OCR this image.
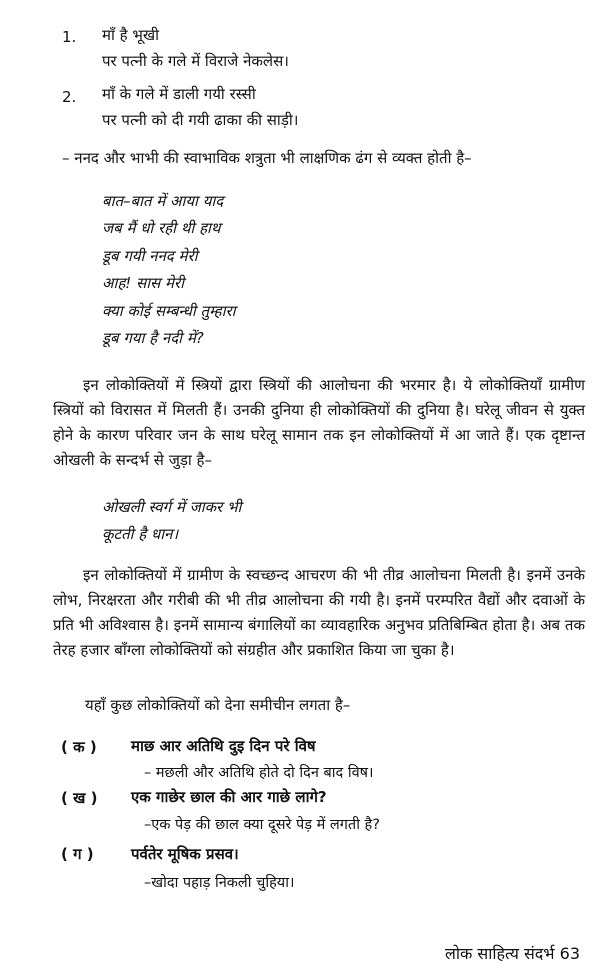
1. माँ है भूखी
पर पत्नी के गले में विराजे नेकलेस।
2. माँ के गले में डाली गयी रस्सी
पर पत्नी को दी गयी ढाका की साड़ी।
– ननद और भाभी की स्वाभाविक शत्रुता भी लाक्षणिक ढंग से व्यक्त होती है–
बात–बात में आया याद
जब मैं धो रही थी हाथ
डूब गयी ननद मेरी
आह! सास मेरी
क्या कोई सम्बन्धी तुम्हारा
डूब गया है नदी में?

इन लोकोक्तियों में स्त्रियों द्वारा स्त्रियों की आलोचना की भरमार है। ये लोकोक्तियाँ ग्रामीण स्त्रियों को विरासत में मिलती हैं। उनकी दुनिया ही लोकोक्तियों की दुनिया है। घरेलू जीवन से युक्त होने के कारण परिवार जन के साथ घरेलू सामान तक इन लोकोक्तियों में आ जाते हैं। एक दृष्टान्त ओखली के सन्दर्भ से जुड़ा है–

ओखली स्वर्ग में जाकर भी
कूटती है धान।

इन लोकोक्तियों में ग्रामीण के स्वच्छन्द आचरण की भी तीव्र आलोचना मिलती है। इनमें उनके लोभ, निरक्षरता और गरीबी की भी तीव्र आलोचना की गयी है। इनमें परम्परित वैद्यों और दवाओं के प्रति भी अविश्वास है। इनमें सामान्य बंगालियों का व्यावहारिक अनुभव प्रतिबिम्बित होता है। अब तक तेरह हजार बाँग्ला लोकोक्तियों को संग्रहीत और प्रकाशित किया जा चुका है।

यहाँ कुछ लोकोक्तियों को देना समीचीन लगता है–
( क ) माछ आर अतिथि दुइ दिन परे विष
– मछली और अतिथि होते दो दिन बाद विष।
( ख ) एक गाछेर छाल की आर गाछे लागे?
–एक पेड़ की छाल क्या दूसरे पेड़ में लगती है?
( ग ) पर्वतेर मूषिक प्रसव।
–खोदा पहाड़ निकली चुहिया।
लोक साहित्य संदर्भ 63
